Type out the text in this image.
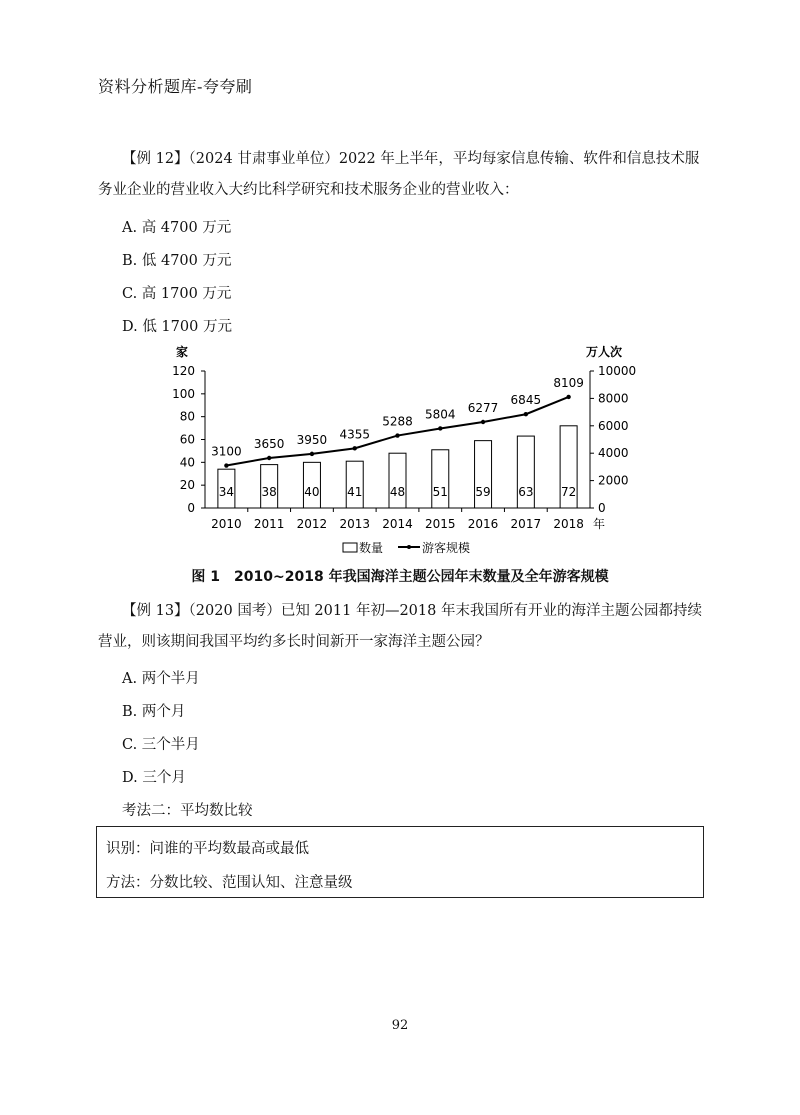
资料分析题库-夸夸刷

【例 12】（2024 甘肃事业单位）2022 年上半年，平均每家信息传输、软件和信息技术服务业企业的营业收入大约比科学研究和技术服务企业的营业收入：

A. 高 4700 万元
B. 低 4700 万元
C. 高 1700 万元
D. 低 1700 万元
0
20
40
60
80
100
120
0
2000
4000
6000
8000
10000
家	万人次
34 38 40 41 48 51 59 63 72
2010 2011 2012 2013 2014 2015 2016 2017 2018 年
3100
3650 3950 4355
5288
5804 6277
6845
8109
数量	游客规模
图 1　2010~2018 年我国海洋主题公园年末数量及全年游客规模

【例 13】（2020 国考）已知 2011 年初—2018 年末我国所有开业的海洋主题公园都持续营业，则该期间我国平均约多长时间新开一家海洋主题公园？

A. 两个半月
B. 两个月
C. 三个半月
D. 三个月
考法二：平均数比较
识别：问谁的平均数最高或最低
方法：分数比较、范围认知、注意量级
92
